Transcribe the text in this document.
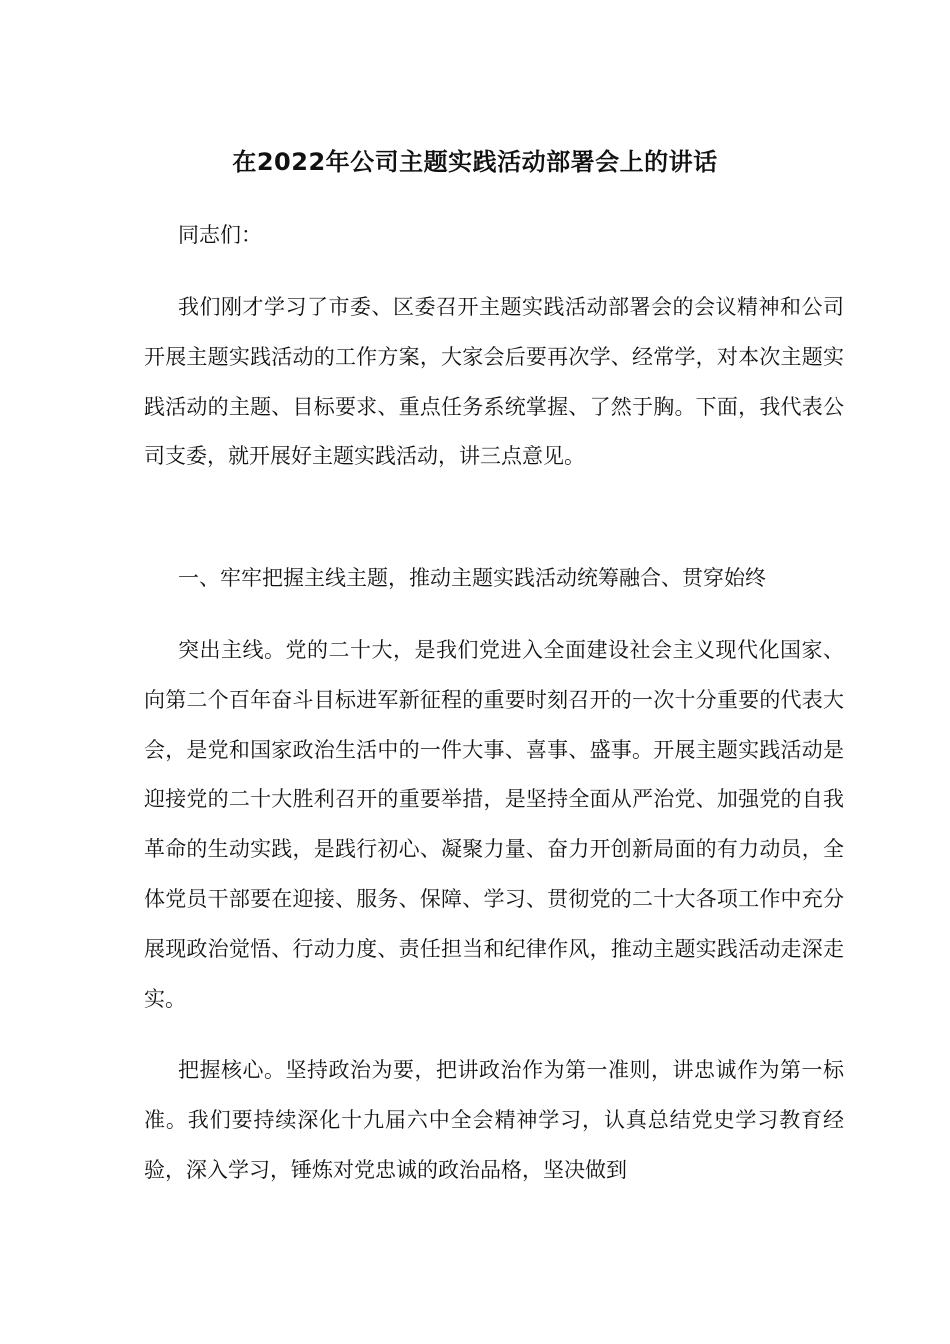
在2022年公司主题实践活动部署会上的讲话

同志们：

我们刚才学习了市委、区委召开主题实践活动部署会的会议精神和公司开展主题实践活动的工作方案，大家会后要再次学、经常学，对本次主题实践活动的主题、目标要求、重点任务系统掌握、了然于胸。下面，我代表公司支委，就开展好主题实践活动，讲三点意见。

一、牢牢把握主线主题，推动主题实践活动统筹融合、贯穿始终

突出主线。党的二十大，是我们党进入全面建设社会主义现代化国家、向第二个百年奋斗目标进军新征程的重要时刻召开的一次十分重要的代表大会，是党和国家政治生活中的一件大事、喜事、盛事。开展主题实践活动是迎接党的二十大胜利召开的重要举措，是坚持全面从严治党、加强党的自我革命的生动实践，是践行初心、凝聚力量、奋力开创新局面的有力动员，全体党员干部要在迎接、服务、保障、学习、贯彻党的二十大各项工作中充分展现政治觉悟、行动力度、责任担当和纪律作风，推动主题实践活动走深走实。

把握核心。坚持政治为要，把讲政治作为第一准则，讲忠诚作为第一标准。我们要持续深化十九届六中全会精神学习，认真总结党史学习教育经验，深入学习，锤炼对党忠诚的政治品格，坚决做到
